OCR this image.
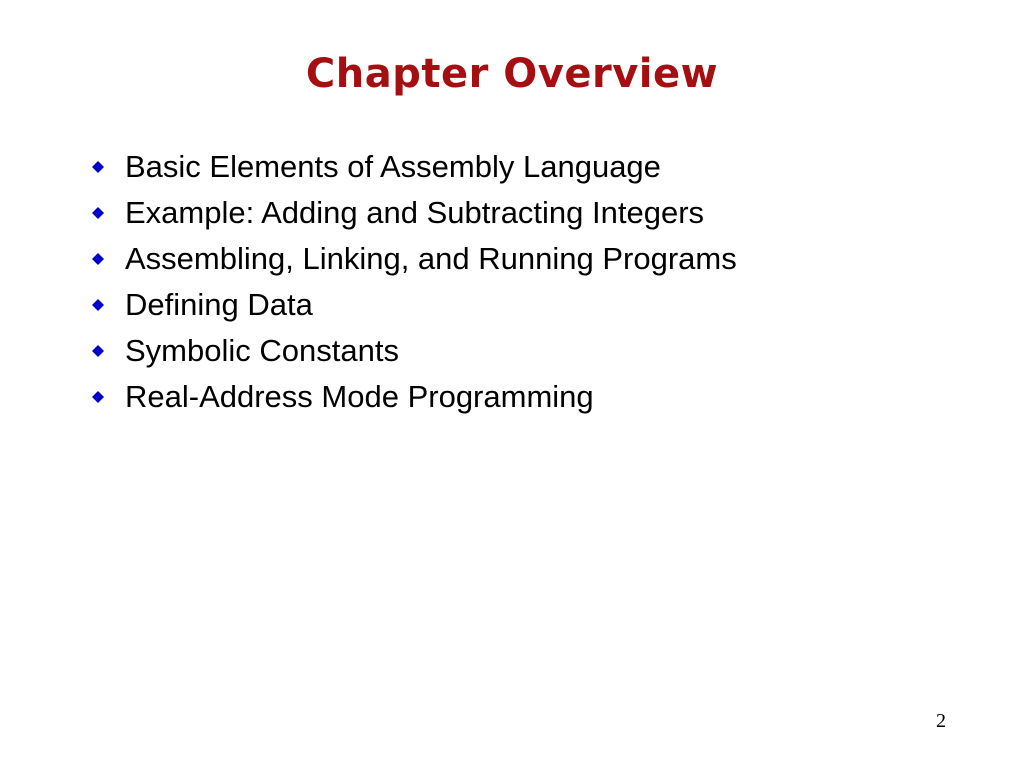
Chapter Overview
Basic Elements of Assembly Language
Example: Adding and Subtracting Integers
Assembling, Linking, and Running Programs
Defining Data
Symbolic Constants
Real-Address Mode Programming
2
